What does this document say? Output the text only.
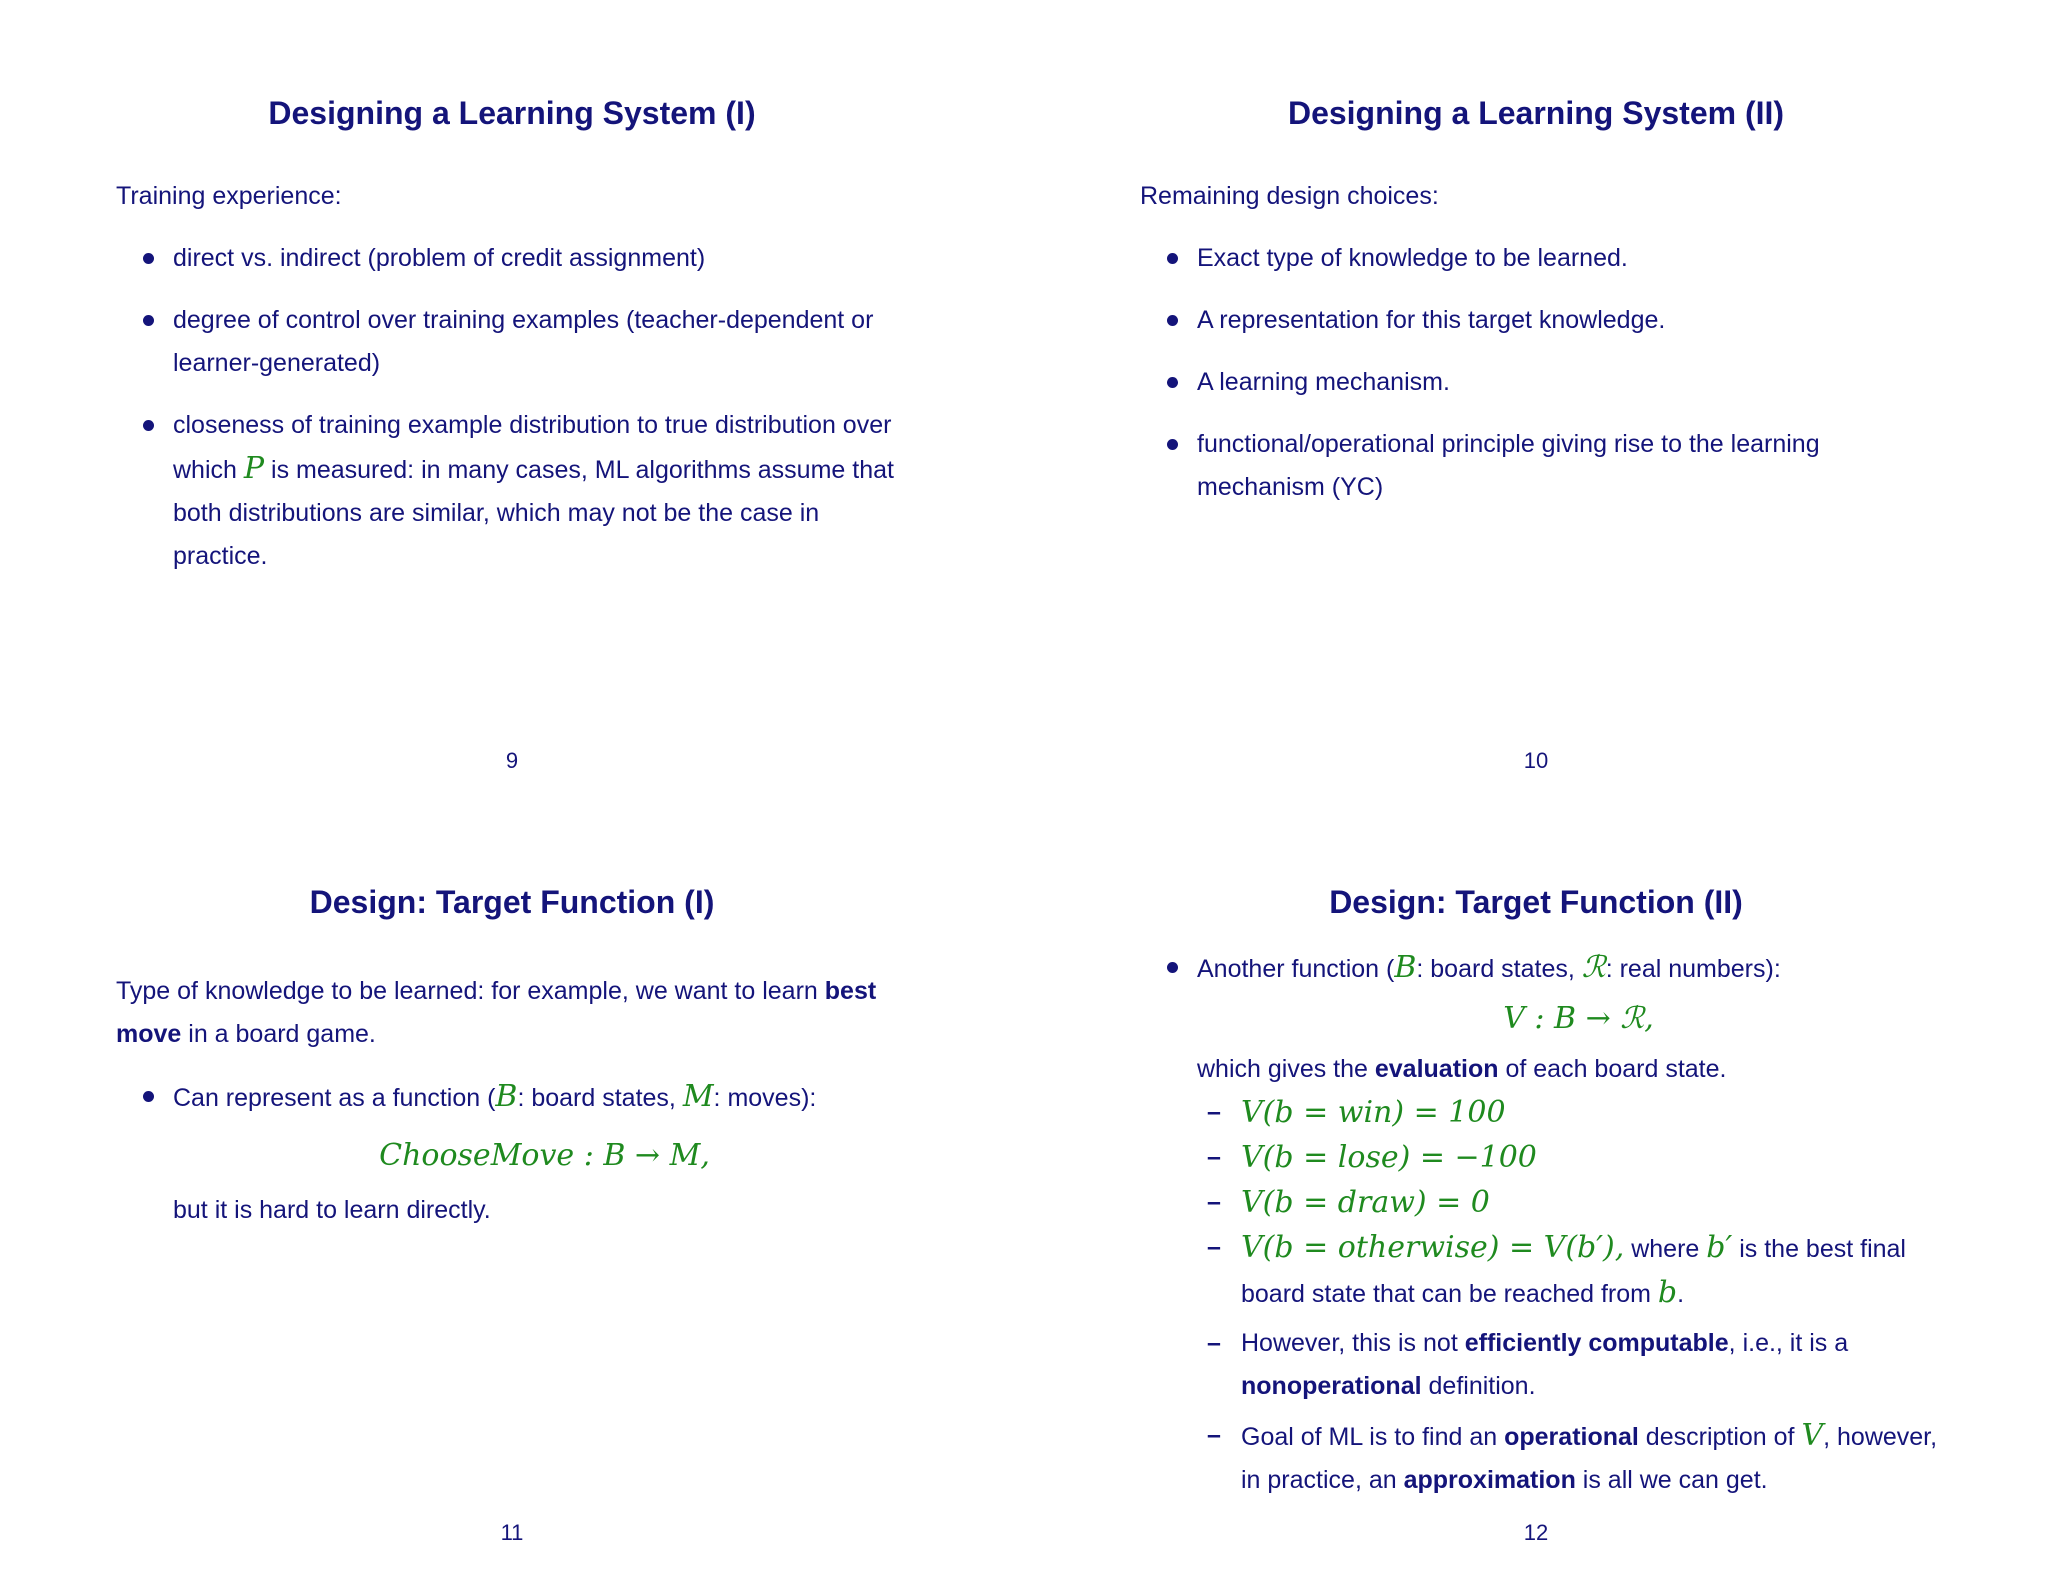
Designing a Learning System (I)

Training experience:

direct vs. indirect (problem of credit assignment)
degree of control over training examples (teacher-dependent or learner-generated)
closeness of training example distribution to true distribution over which P is measured: in many cases, ML algorithms assume that both distributions are similar, which may not be the case in practice.
9
Designing a Learning System (II)

Remaining design choices:

Exact type of knowledge to be learned.
A representation for this target knowledge.
A learning mechanism.
functional/operational principle giving rise to the learning mechanism (YC)
10
Design: Target Function (I)

Type of knowledge to be learned: for example, we want to learn best move in a board game.

Can represent as a function (B: board states, M: moves):
ChooseMove : B → M,
but it is hard to learn directly.
11
Design: Target Function (II)
Another function (B: board states, ℛ: real numbers):
V : B → ℛ,
which gives the evaluation of each board state.
– V(b = win) = 100
– V(b = lose) = −100
– V(b = draw) = 0
– V(b = otherwise) = V(b′), where b′ is the best final board state that can be reached from b.
– However, this is not efficiently computable, i.e., it is a nonoperational definition.
– Goal of ML is to find an operational description of V, however, in practice, an approximation is all we can get.
12
